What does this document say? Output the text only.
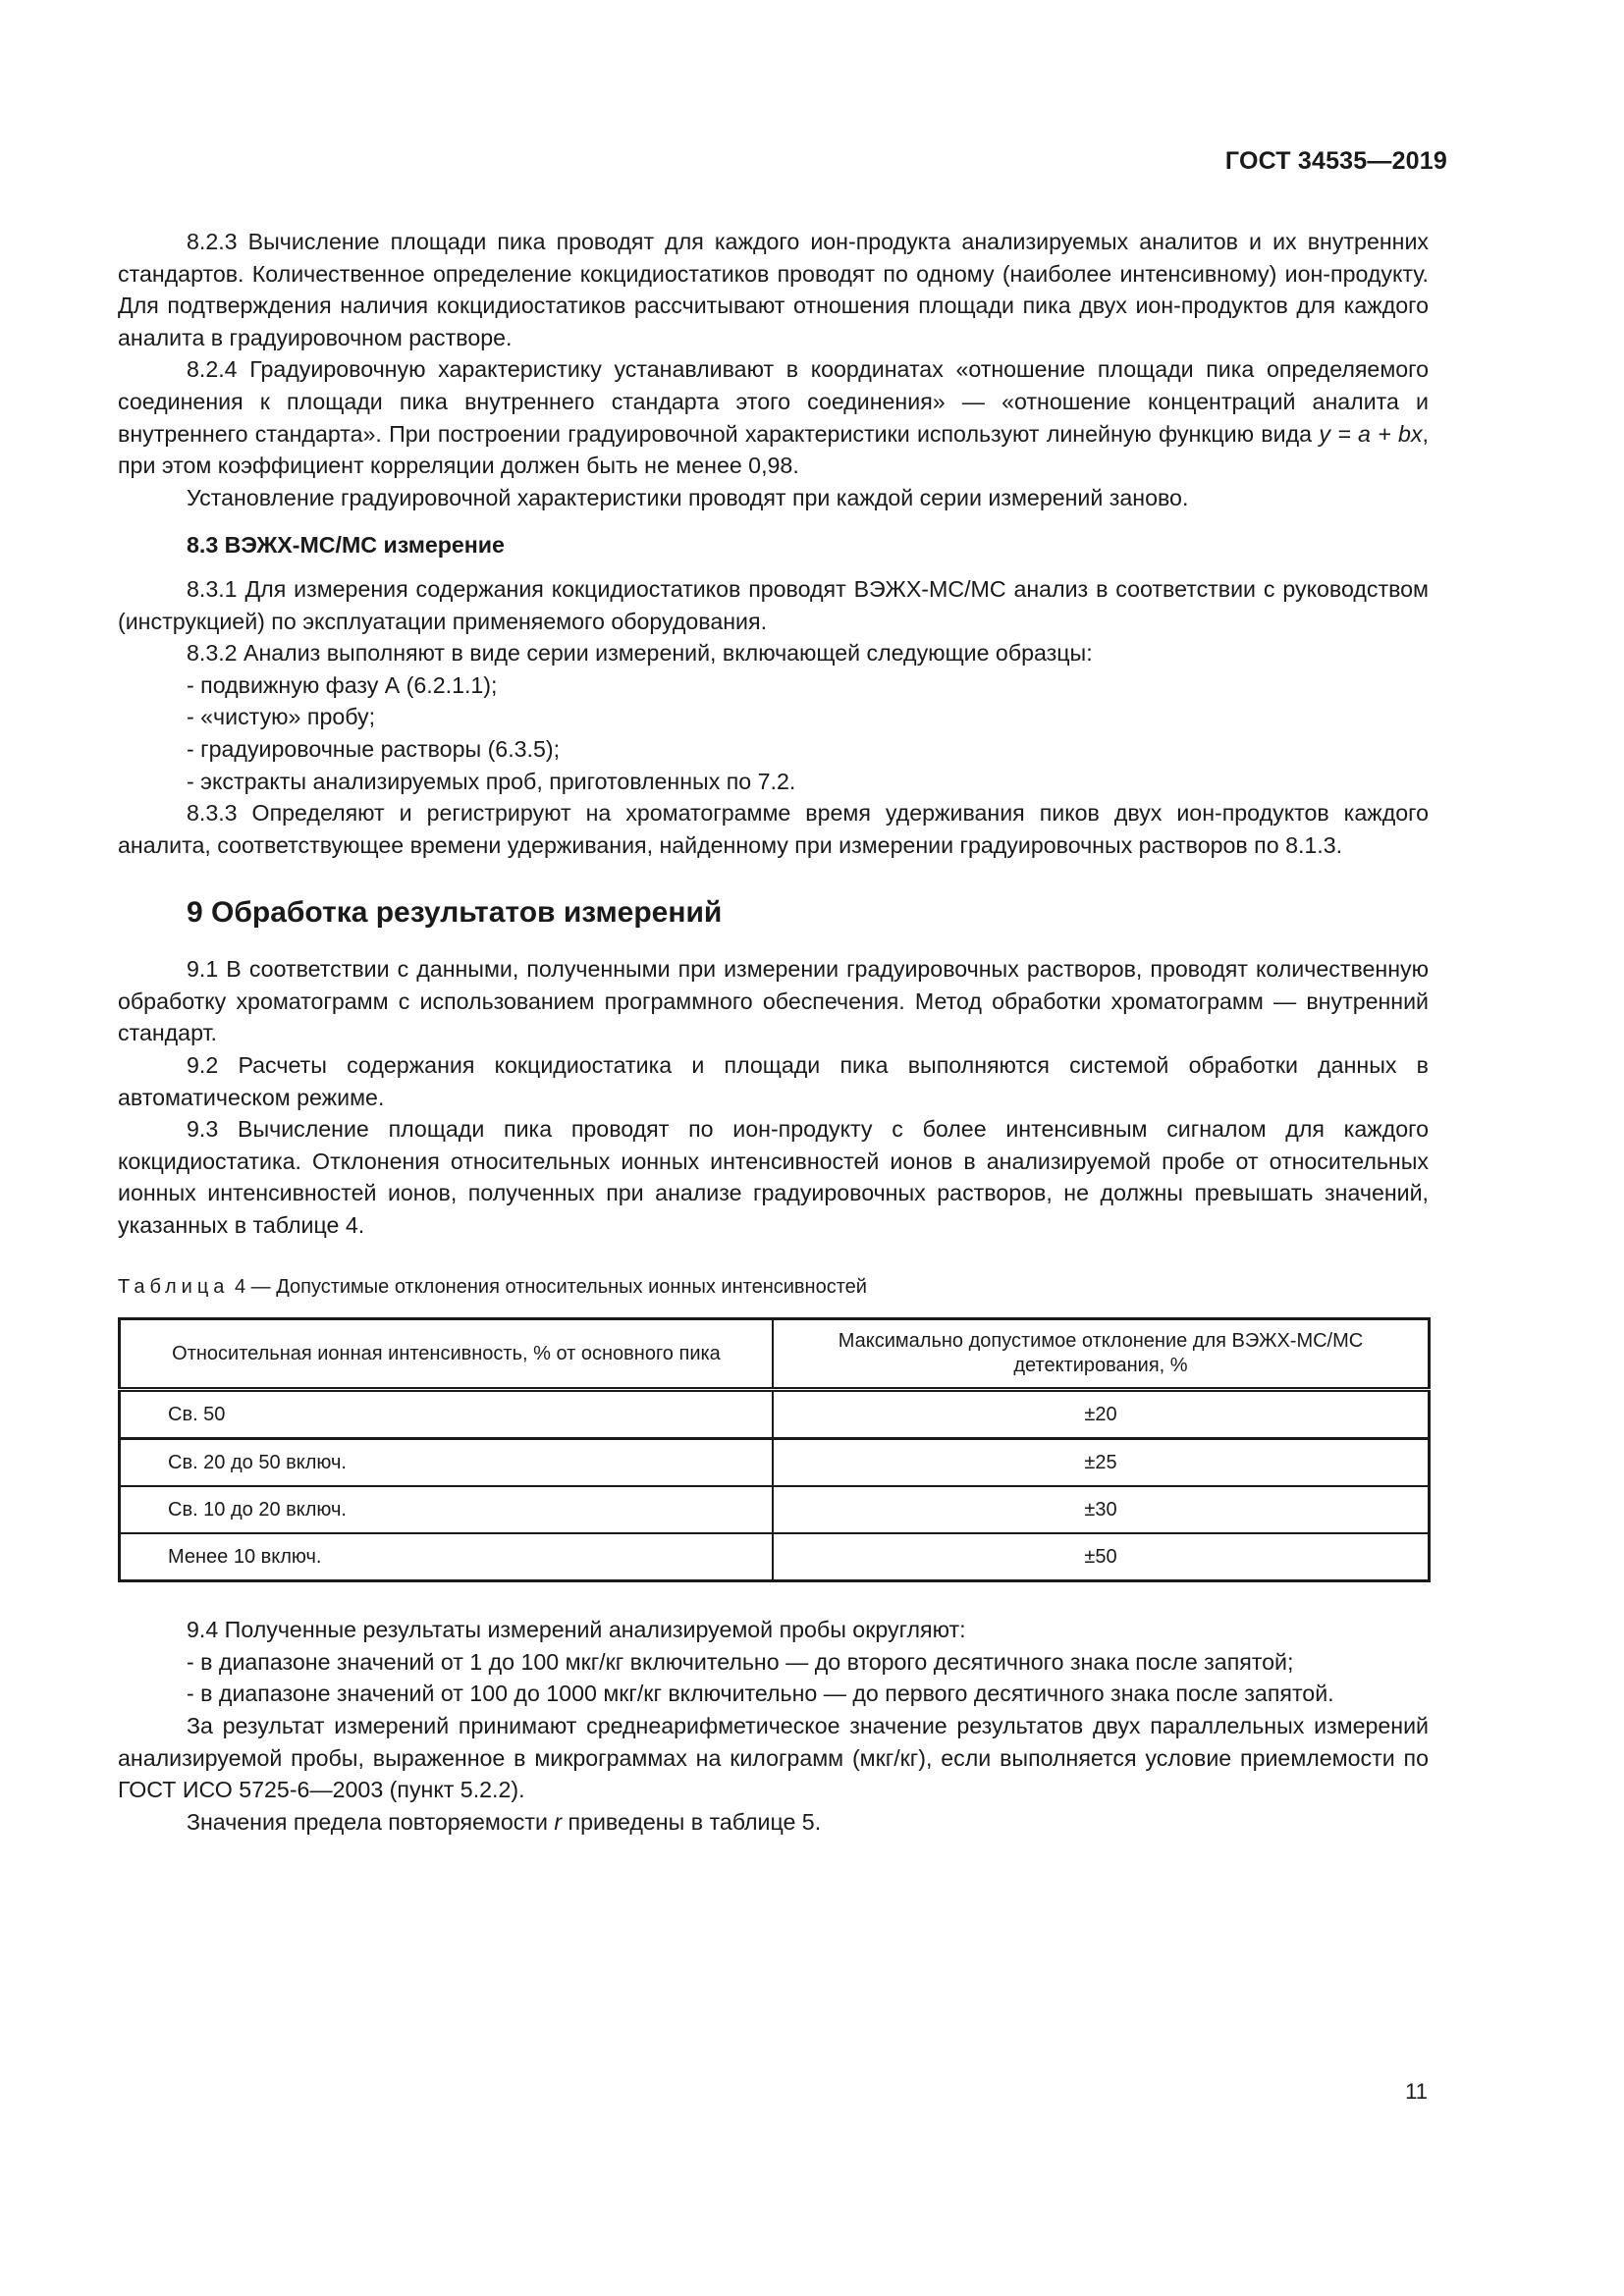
ГОСТ 34535—2019

8.2.3 Вычисление площади пика проводят для каждого ион-продукта анализируемых аналитов и их внутренних стандартов. Количественное определение кокцидиостатиков проводят по одному (наиболее интенсивному) ион-продукту. Для подтверждения наличия кокцидиостатиков рассчитывают отношения площади пика двух ион-продуктов для каждого аналита в градуировочном растворе.

8.2.4 Градуировочную характеристику устанавливают в координатах «отношение площади пика определяемого соединения к площади пика внутреннего стандарта этого соединения» — «отношение концентраций аналита и внутреннего стандарта». При построении градуировочной характеристики используют линейную функцию вида y = a + bx, при этом коэффициент корреляции должен быть не менее 0,98.

Установление градуировочной характеристики проводят при каждой серии измерений заново.

8.3 ВЭЖХ-МС/МС измерение

8.3.1 Для измерения содержания кокцидиостатиков проводят ВЭЖХ-МС/МС анализ в соответствии с руководством (инструкцией) по эксплуатации применяемого оборудования.

8.3.2 Анализ выполняют в виде серии измерений, включающей следующие образцы:

- подвижную фазу А (6.2.1.1);

- «чистую» пробу;

- градуировочные растворы (6.3.5);

- экстракты анализируемых проб, приготовленных по 7.2.

8.3.3 Определяют и регистрируют на хроматограмме время удерживания пиков двух ион-продуктов каждого аналита, соответствующее времени удерживания, найденному при измерении градуировочных растворов по 8.1.3.

9 Обработка результатов измерений

9.1 В соответствии с данными, полученными при измерении градуировочных растворов, проводят количественную обработку хроматограмм с использованием программного обеспечения. Метод обработки хроматограмм — внутренний стандарт.

9.2 Расчеты содержания кокцидиостатика и площади пика выполняются системой обработки данных в автоматическом режиме.

9.3 Вычисление площади пика проводят по ион-продукту с более интенсивным сигналом для каждого кокцидиостатика. Отклонения относительных ионных интенсивностей ионов в анализируемой пробе от относительных ионных интенсивностей ионов, полученных при анализе градуировочных растворов, не должны превышать значений, указанных в таблице 4.

Таблица 4 — Допустимые отклонения относительных ионных интенсивностей
Относительная ионная интенсивность, % от основного пика	Максимально допустимое отклонение для ВЭЖХ-МС/МС детектирования, %
Св. 50	±20
Св. 20 до 50 включ.	±25
Св. 10 до 20 включ.	±30
Менее 10 включ.	±50

9.4 Полученные результаты измерений анализируемой пробы округляют:

- в диапазоне значений от 1 до 100 мкг/кг включительно — до второго десятичного знака после запятой;

- в диапазоне значений от 100 до 1000 мкг/кг включительно — до первого десятичного знака после запятой.

За результат измерений принимают среднеарифметическое значение результатов двух параллельных измерений анализируемой пробы, выраженное в микрограммах на килограмм (мкг/кг), если выполняется условие приемлемости по ГОСТ ИСО 5725-6—2003 (пункт 5.2.2).

Значения предела повторяемости r приведены в таблице 5.

11
